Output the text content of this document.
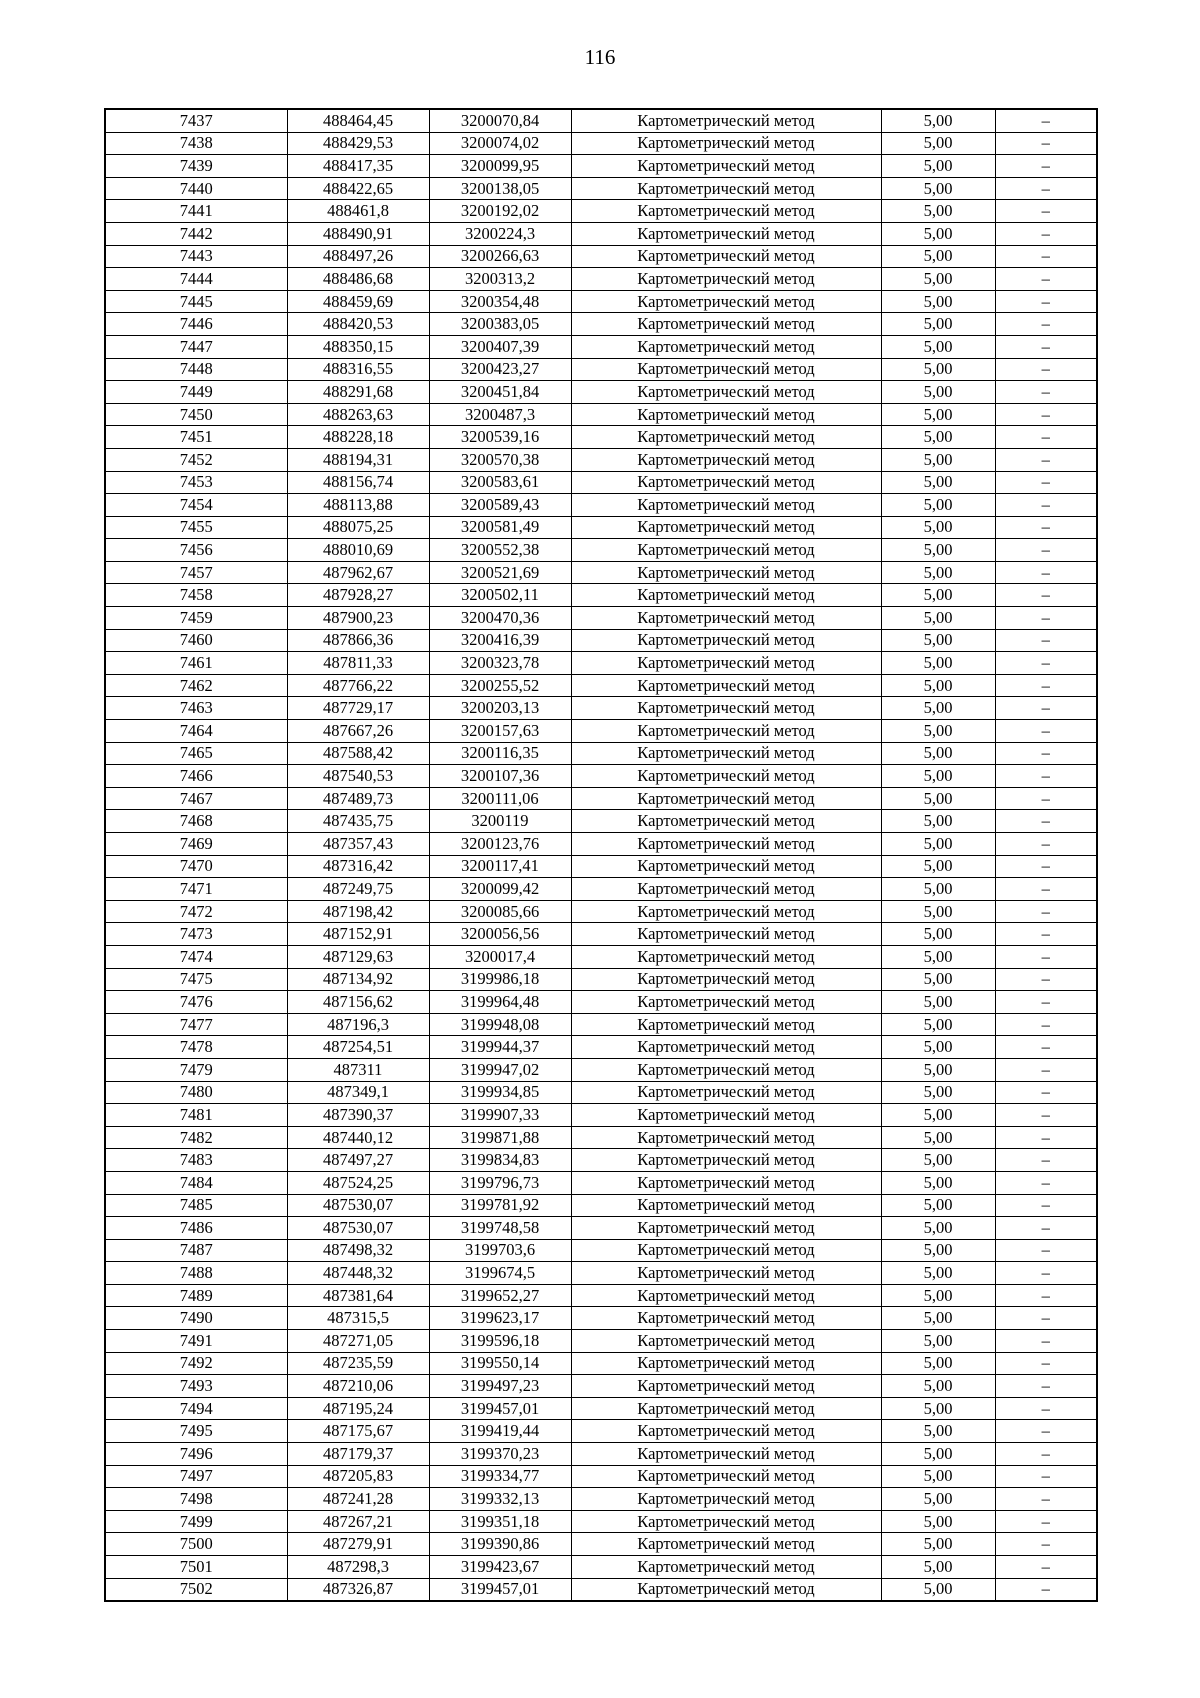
116
7437	488464,45	3200070,84	Картометрический метод	5,00	–
7438	488429,53	3200074,02	Картометрический метод	5,00	–
7439	488417,35	3200099,95	Картометрический метод	5,00	–
7440	488422,65	3200138,05	Картометрический метод	5,00	–
7441	488461,8	3200192,02	Картометрический метод	5,00	–
7442	488490,91	3200224,3	Картометрический метод	5,00	–
7443	488497,26	3200266,63	Картометрический метод	5,00	–
7444	488486,68	3200313,2	Картометрический метод	5,00	–
7445	488459,69	3200354,48	Картометрический метод	5,00	–
7446	488420,53	3200383,05	Картометрический метод	5,00	–
7447	488350,15	3200407,39	Картометрический метод	5,00	–
7448	488316,55	3200423,27	Картометрический метод	5,00	–
7449	488291,68	3200451,84	Картометрический метод	5,00	–
7450	488263,63	3200487,3	Картометрический метод	5,00	–
7451	488228,18	3200539,16	Картометрический метод	5,00	–
7452	488194,31	3200570,38	Картометрический метод	5,00	–
7453	488156,74	3200583,61	Картометрический метод	5,00	–
7454	488113,88	3200589,43	Картометрический метод	5,00	–
7455	488075,25	3200581,49	Картометрический метод	5,00	–
7456	488010,69	3200552,38	Картометрический метод	5,00	–
7457	487962,67	3200521,69	Картометрический метод	5,00	–
7458	487928,27	3200502,11	Картометрический метод	5,00	–
7459	487900,23	3200470,36	Картометрический метод	5,00	–
7460	487866,36	3200416,39	Картометрический метод	5,00	–
7461	487811,33	3200323,78	Картометрический метод	5,00	–
7462	487766,22	3200255,52	Картометрический метод	5,00	–
7463	487729,17	3200203,13	Картометрический метод	5,00	–
7464	487667,26	3200157,63	Картометрический метод	5,00	–
7465	487588,42	3200116,35	Картометрический метод	5,00	–
7466	487540,53	3200107,36	Картометрический метод	5,00	–
7467	487489,73	3200111,06	Картометрический метод	5,00	–
7468	487435,75	3200119	Картометрический метод	5,00	–
7469	487357,43	3200123,76	Картометрический метод	5,00	–
7470	487316,42	3200117,41	Картометрический метод	5,00	–
7471	487249,75	3200099,42	Картометрический метод	5,00	–
7472	487198,42	3200085,66	Картометрический метод	5,00	–
7473	487152,91	3200056,56	Картометрический метод	5,00	–
7474	487129,63	3200017,4	Картометрический метод	5,00	–
7475	487134,92	3199986,18	Картометрический метод	5,00	–
7476	487156,62	3199964,48	Картометрический метод	5,00	–
7477	487196,3	3199948,08	Картометрический метод	5,00	–
7478	487254,51	3199944,37	Картометрический метод	5,00	–
7479	487311	3199947,02	Картометрический метод	5,00	–
7480	487349,1	3199934,85	Картометрический метод	5,00	–
7481	487390,37	3199907,33	Картометрический метод	5,00	–
7482	487440,12	3199871,88	Картометрический метод	5,00	–
7483	487497,27	3199834,83	Картометрический метод	5,00	–
7484	487524,25	3199796,73	Картометрический метод	5,00	–
7485	487530,07	3199781,92	Картометрический метод	5,00	–
7486	487530,07	3199748,58	Картометрический метод	5,00	–
7487	487498,32	3199703,6	Картометрический метод	5,00	–
7488	487448,32	3199674,5	Картометрический метод	5,00	–
7489	487381,64	3199652,27	Картометрический метод	5,00	–
7490	487315,5	3199623,17	Картометрический метод	5,00	–
7491	487271,05	3199596,18	Картометрический метод	5,00	–
7492	487235,59	3199550,14	Картометрический метод	5,00	–
7493	487210,06	3199497,23	Картометрический метод	5,00	–
7494	487195,24	3199457,01	Картометрический метод	5,00	–
7495	487175,67	3199419,44	Картометрический метод	5,00	–
7496	487179,37	3199370,23	Картометрический метод	5,00	–
7497	487205,83	3199334,77	Картометрический метод	5,00	–
7498	487241,28	3199332,13	Картометрический метод	5,00	–
7499	487267,21	3199351,18	Картометрический метод	5,00	–
7500	487279,91	3199390,86	Картометрический метод	5,00	–
7501	487298,3	3199423,67	Картометрический метод	5,00	–
7502	487326,87	3199457,01	Картометрический метод	5,00	–
